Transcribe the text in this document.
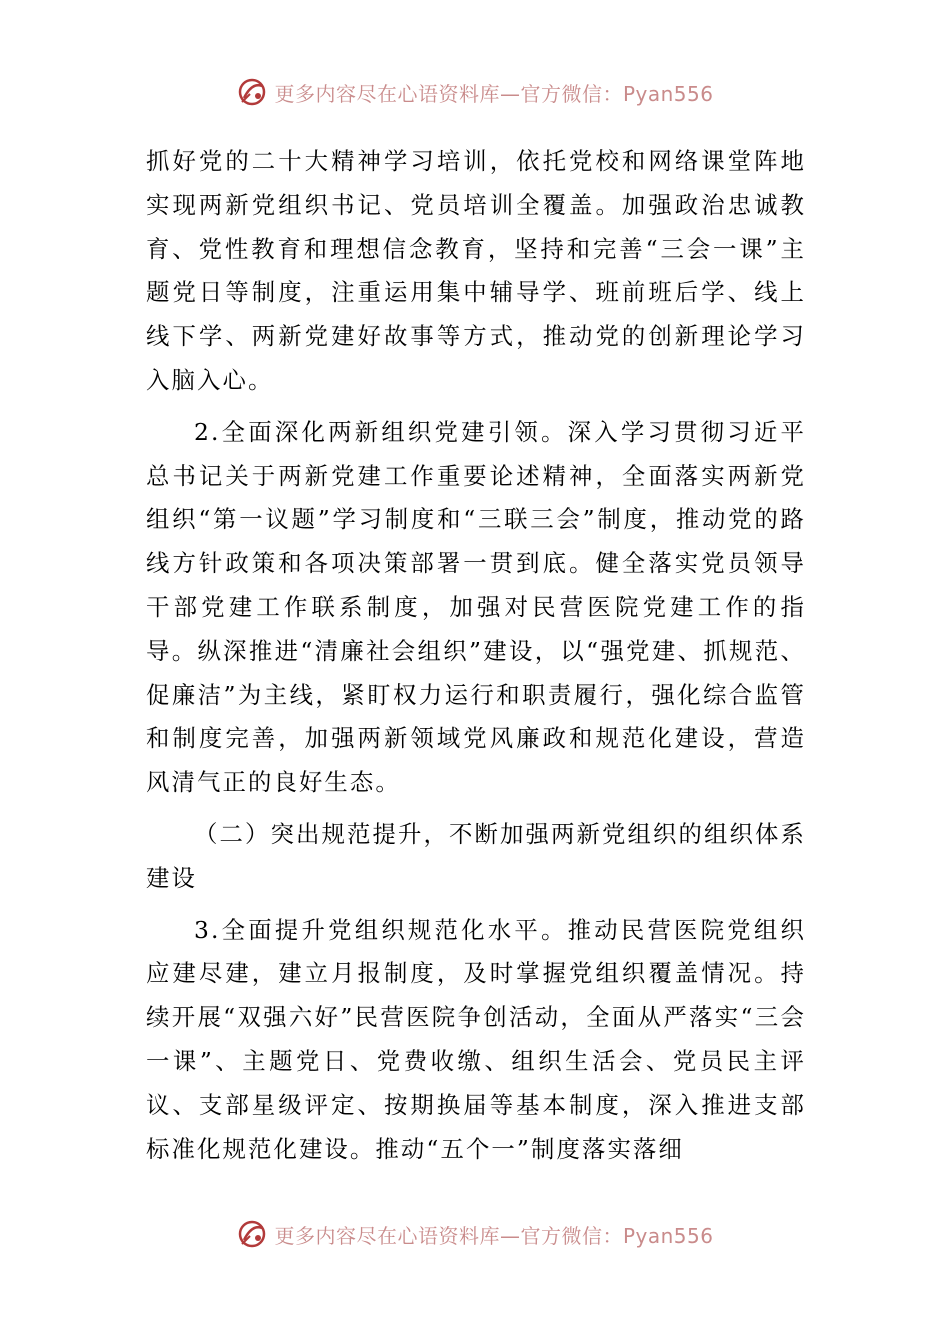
更多内容尽在心语资料库—官方微信：Pyan556

抓好党的二十大精神学习培训，依托党校和网络课堂阵地实现两新党组织书记、党员培训全覆盖。加强政治忠诚教育、党性教育和理想信念教育，坚持和完善“三会一课”主题党日等制度，注重运用集中辅导学、班前班后学、线上线下学、两新党建好故事等方式，推动党的创新理论学习入脑入心。

2.全面深化两新组织党建引领。深入学习贯彻习近平总书记关于两新党建工作重要论述精神，全面落实两新党组织“第一议题”学习制度和“三联三会”制度，推动党的路线方针政策和各项决策部署一贯到底。健全落实党员领导干部党建工作联系制度，加强对民营医院党建工作的指导。纵深推进“清廉社会组织”建设，以“强党建、抓规范、促廉洁”为主线，紧盯权力运行和职责履行，强化综合监管和制度完善，加强两新领域党风廉政和规范化建设，营造风清气正的良好生态。

（二）突出规范提升，不断加强两新党组织的组织体系建设

3.全面提升党组织规范化水平。推动民营医院党组织应建尽建，建立月报制度，及时掌握党组织覆盖情况。持续开展“双强六好”民营医院争创活动，全面从严落实“三会一课”、主题党日、党费收缴、组织生活会、党员民主评议、支部星级评定、按期换届等基本制度，深入推进支部标准化规范化建设。推动“五个一”制度落实落细

更多内容尽在心语资料库—官方微信：Pyan556
